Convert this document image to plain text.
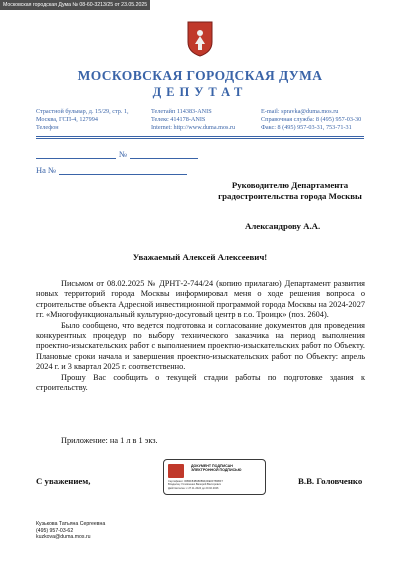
Московская городская Дума № 08-60-3213/25 от 23.05.2025
МОСКОВСКАЯ ГОРОДСКАЯ ДУМА
ДЕПУТАТ
Страстной бульвар, д. 15/29, стр. 1,
Москва, ГСП-4, 127994
Телефон
Телетайп 114383-ANIS
Телекс 414178-ANIS
Internet: http://www.duma.mos.ru
E-mail: spravka@duma.mos.ru
Справочная служба: 8 (495) 957-03-30
Факс: 8 (495) 957-03-31, 753-71-31
№
На №
Руководителю Департамента градостроительства города Москвы
Александрову А.А.
Уважаемый Алексей Алексеевич!

Письмом от 08.02.2025 № ДРНТ-2-744/24 (копию прилагаю) Департамент развития новых территорий города Москвы информировал меня о ходе решения вопроса о строительстве объекта Адресной инвестиционной программой города Москвы на 2024-2027 гг. «Многофункциональный культурно-досуговый центр в г.о. Троицк» (поз. 2604).

Было сообщено, что ведется подготовка и согласование документов для проведения конкурентных процедур по выбору технического заказчика на период выполнения проектно-изыскательских работ с выполнением проектно-изыскательских работ по Объекту. Плановые сроки начала и завершения проектно-изыскательских работ по Объекту: апрель 2024 г. и 3 квартал 2025 г. соответственно.

Прошу Вас сообщить о текущей стадии работы по подготовке здания к строительству.

Приложение: на 1 л в 1 экз.
С уважением,
ДОКУМЕНТ ПОДПИСАН
ЭЛЕКТРОННОЙ ПОДПИСЬЮ
Сертификат: 00B0F84B980B9F2DE0F7B0BF7
Владелец: Головченко Валерий Викторович
Действителен: с 27.11.2024 до 20.02.2026
В.В. Головченко
Кузькова Татьяна Сергеевна
(495) 957-03-62
kuzkova@duma.mos.ru
